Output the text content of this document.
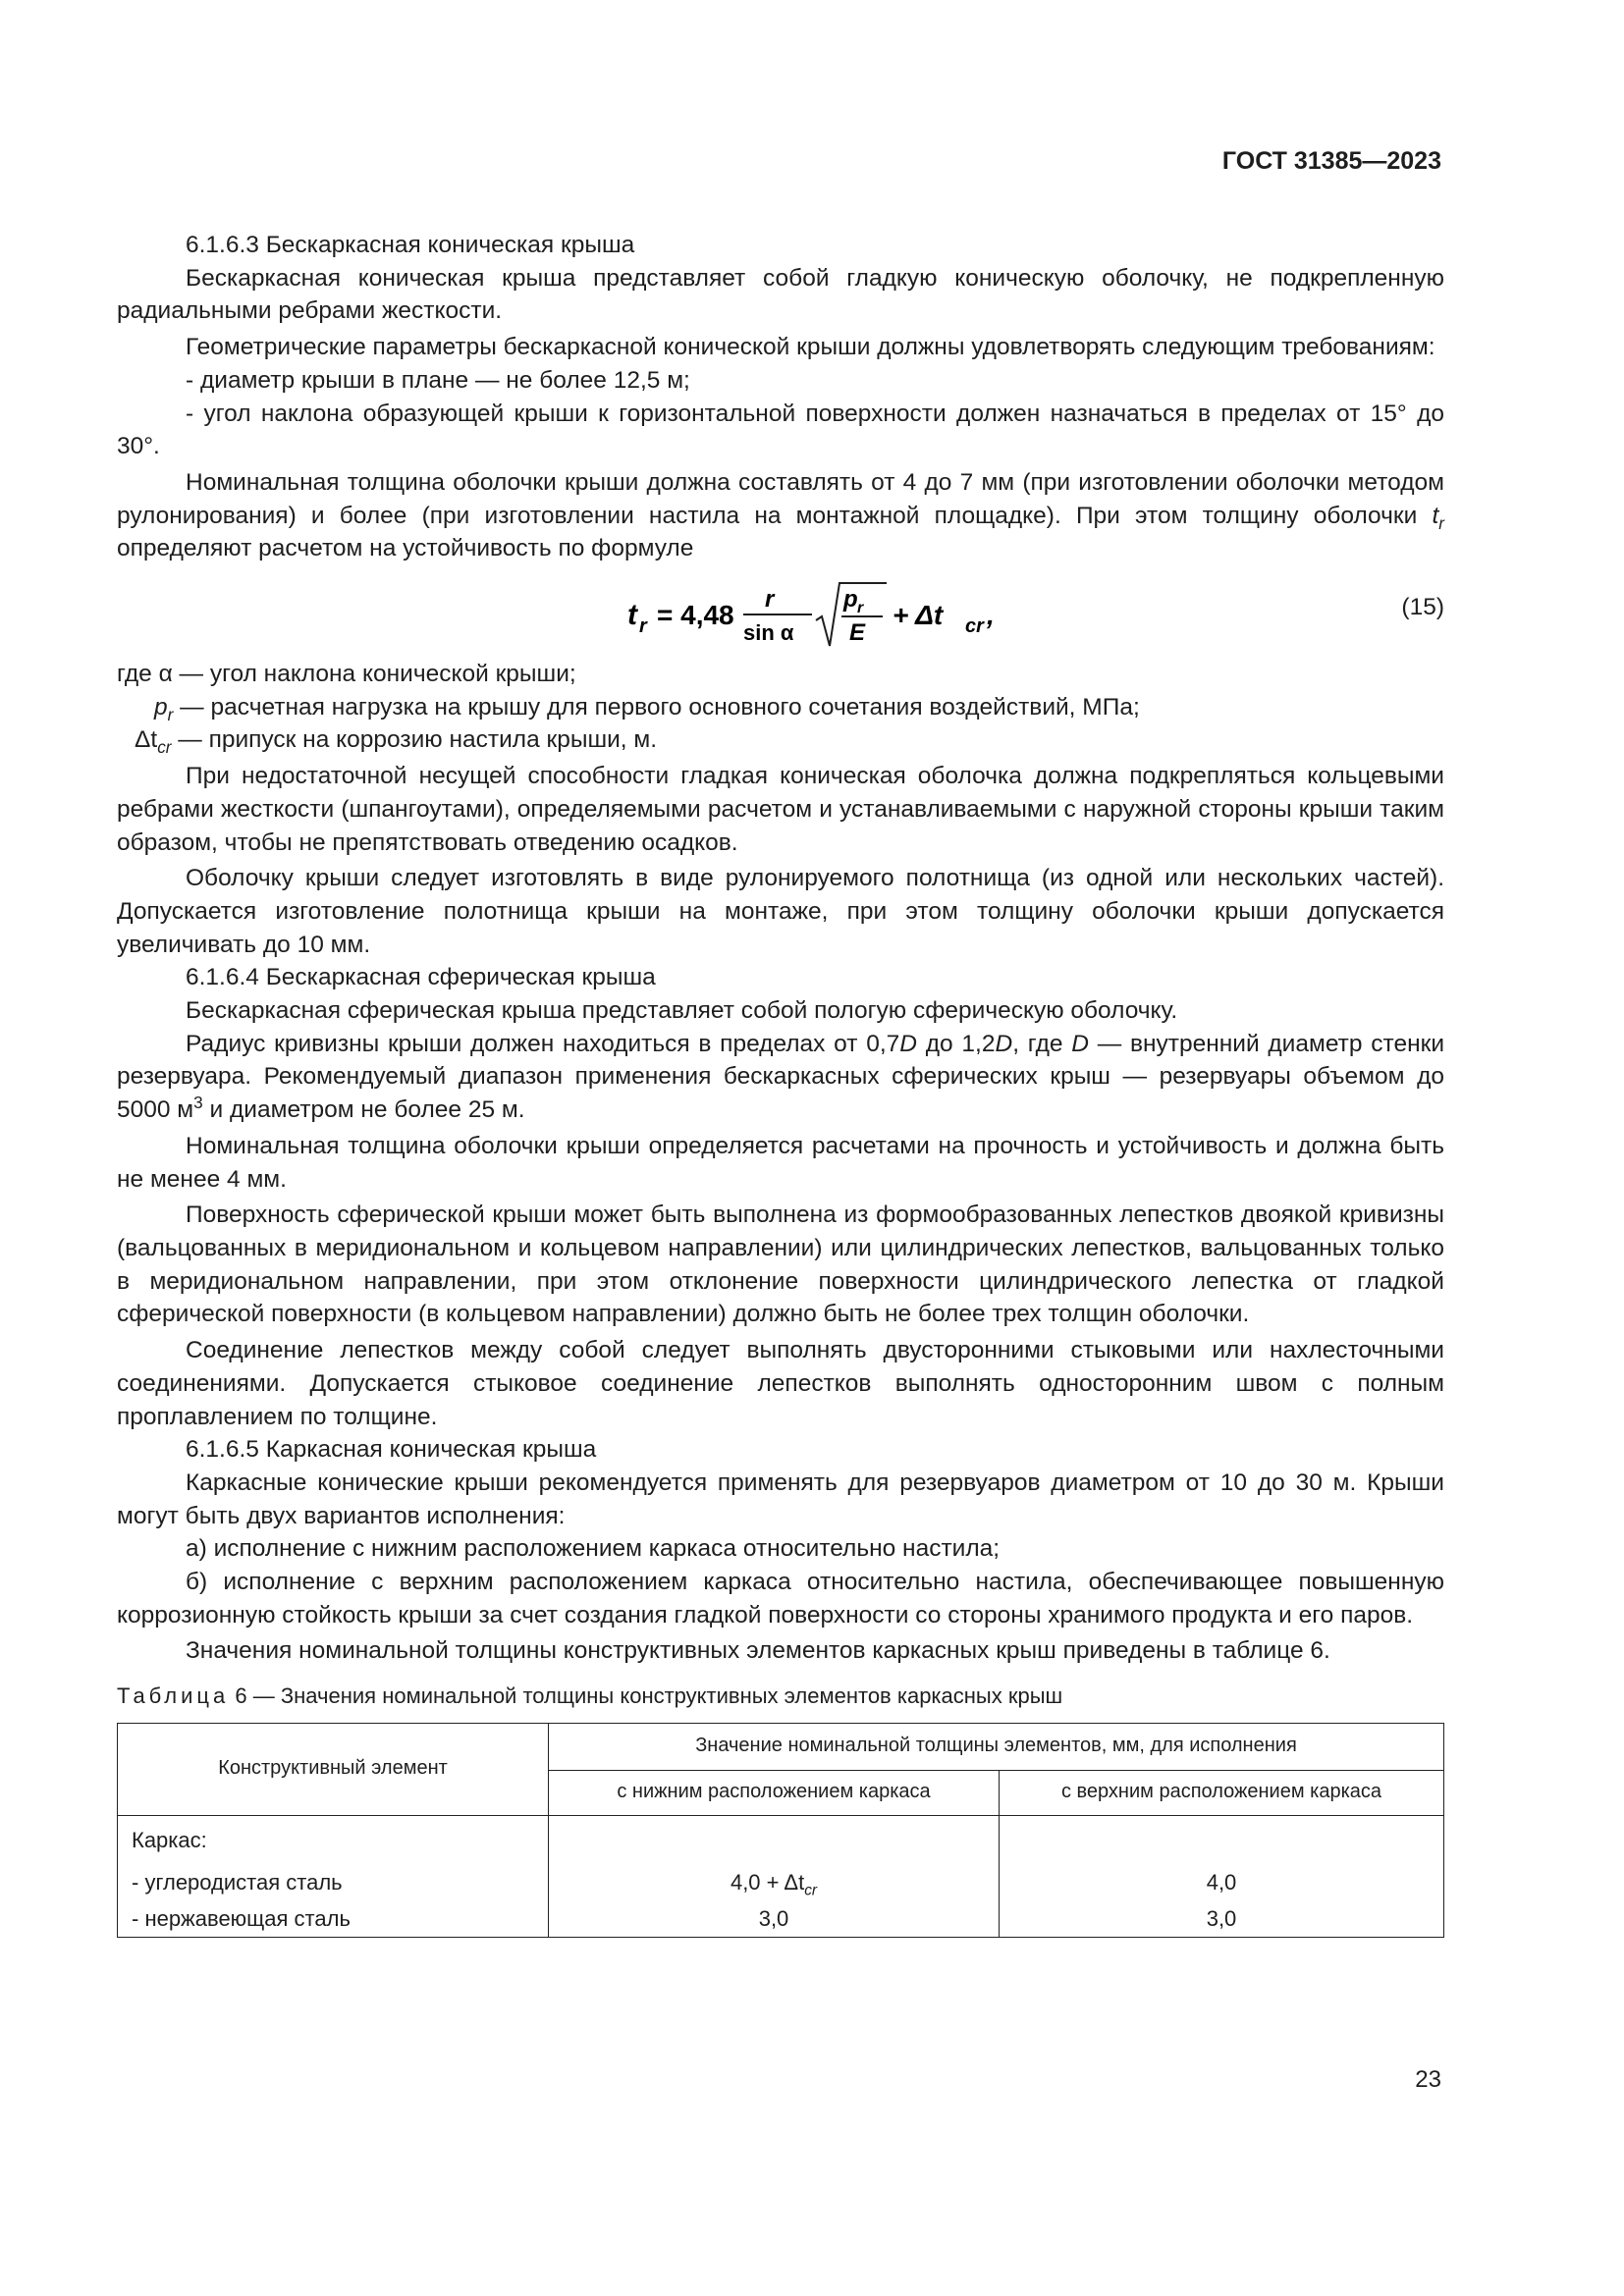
ГОСТ 31385—2023

6.1.6.3 Бескаркасная коническая крыша

Бескаркасная коническая крыша представляет собой гладкую коническую оболочку, не подкрепленную радиальными ребрами жесткости.

Геометрические параметры бескаркасной конической крыши должны удовлетворять следующим требованиям:

- диаметр крыши в плане — не более 12,5 м;

- угол наклона образующей крыши к горизонтальной поверхности должен назначаться в пределах от 15° до 30°.

Номинальная толщина оболочки крыши должна составлять от 4 до 7 мм (при изготовлении оболочки методом рулонирования) и более (при изготовлении настила на монтажной площадке). При этом толщину оболочки $t_r$ определяют расчетом на устойчивость по формуле

t r = 4,48
r
sin α
p r
E
+ Δt cr ,	(15)

где α — угол наклона конической крыши;

$p_r$ — расчетная нагрузка на крышу для первого основного сочетания воздействий, МПа;

$\Delta t_{cr}$ — припуск на коррозию настила крыши, м.

При недостаточной несущей способности гладкая коническая оболочка должна подкрепляться кольцевыми ребрами жесткости (шпангоутами), определяемыми расчетом и устанавливаемыми с наружной стороны крыши таким образом, чтобы не препятствовать отведению осадков.

Оболочку крыши следует изготовлять в виде рулонируемого полотнища (из одной или нескольких частей). Допускается изготовление полотнища крыши на монтаже, при этом толщину оболочки крыши допускается увеличивать до 10 мм.

6.1.6.4 Бескаркасная сферическая крыша

Бескаркасная сферическая крыша представляет собой пологую сферическую оболочку.

Радиус кривизны крыши должен находиться в пределах от 0,7D до 1,2D, где D — внутренний диаметр стенки резервуара. Рекомендуемый диапазон применения бескаркасных сферических крыш — резервуары объемом до 5000 $м^3$ и диаметром не более 25 м.

Номинальная толщина оболочки крыши определяется расчетами на прочность и устойчивость и должна быть не менее 4 мм.

Поверхность сферической крыши может быть выполнена из формообразованных лепестков двоякой кривизны (вальцованных в меридиональном и кольцевом направлении) или цилиндрических лепестков, вальцованных только в меридиональном направлении, при этом отклонение поверхности цилиндрического лепестка от гладкой сферической поверхности (в кольцевом направлении) должно быть не более трех толщин оболочки.

Соединение лепестков между собой следует выполнять двусторонними стыковыми или нахлесточными соединениями. Допускается стыковое соединение лепестков выполнять односторонним швом с полным проплавлением по толщине.

6.1.6.5 Каркасная коническая крыша

Каркасные конические крыши рекомендуется применять для резервуаров диаметром от 10 до 30 м. Крыши могут быть двух вариантов исполнения:

а) исполнение с нижним расположением каркаса относительно настила;

б) исполнение с верхним расположением каркаса относительно настила, обеспечивающее повышенную коррозионную стойкость крыши за счет создания гладкой поверхности со стороны хранимого продукта и его паров.

Значения номинальной толщины конструктивных элементов каркасных крыш приведены в таблице 6.

Таблица 6 — Значения номинальной толщины конструктивных элементов каркасных крыш

Конструктивный элемент	Значение номинальной толщины элементов, мм, для исполнения	
	с нижним расположением каркаса	с верхним расположением каркаса
Каркас:		
- углеродистая сталь	$4,0 + \Delta t_{cr}$	4,0
- нержавеющая сталь	3,0	3,0
23
